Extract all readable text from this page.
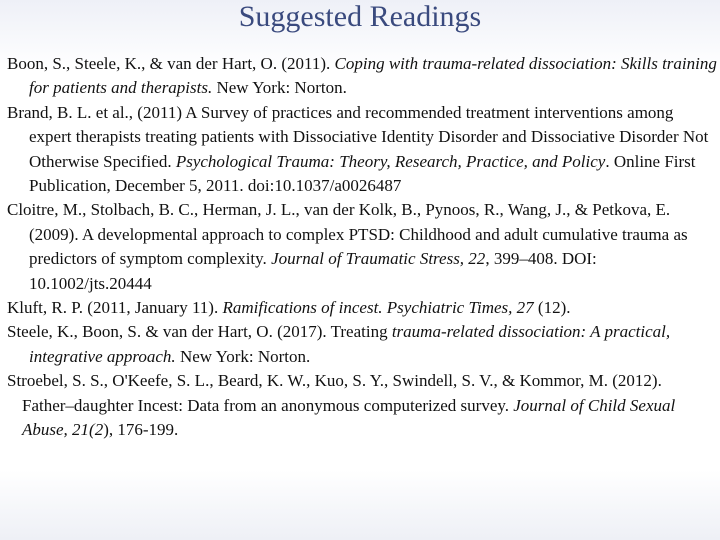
Suggested Readings

Boon, S., Steele, K., & van der Hart, O. (2011). Coping with trauma-related dissociation: Skills training for patients and therapists. New York: Norton.

Brand, B. L. et al., (2011) A Survey of practices and recommended treatment interventions among expert therapists treating patients with Dissociative Identity Disorder and Dissociative Disorder Not Otherwise Specified. Psychological Trauma: Theory, Research, Practice, and Policy. Online First Publication, December 5, 2011. doi:10.1037/a0026487

Cloitre, M., Stolbach, B. C., Herman, J. L., van der Kolk, B., Pynoos, R., Wang, J., & Petkova, E. (2009). A developmental approach to complex PTSD: Childhood and adult cumulative trauma as predictors of symptom complexity. Journal of Traumatic Stress, 22, 399–408. DOI: 10.1002/jts.20444

Kluft, R. P. (2011, January 11). Ramifications of incest. Psychiatric Times, 27 (12).

Steele, K., Boon, S. & van der Hart, O. (2017). Treating trauma-related dissociation: A practical, integrative approach. New York: Norton.

Stroebel, S. S., O'Keefe, S. L., Beard, K. W., Kuo, S. Y., Swindell, S. V., & Kommor, M. (2012). Father–daughter Incest: Data from an anonymous computerized survey. Journal of Child Sexual Abuse, 21(2), 176-199.
